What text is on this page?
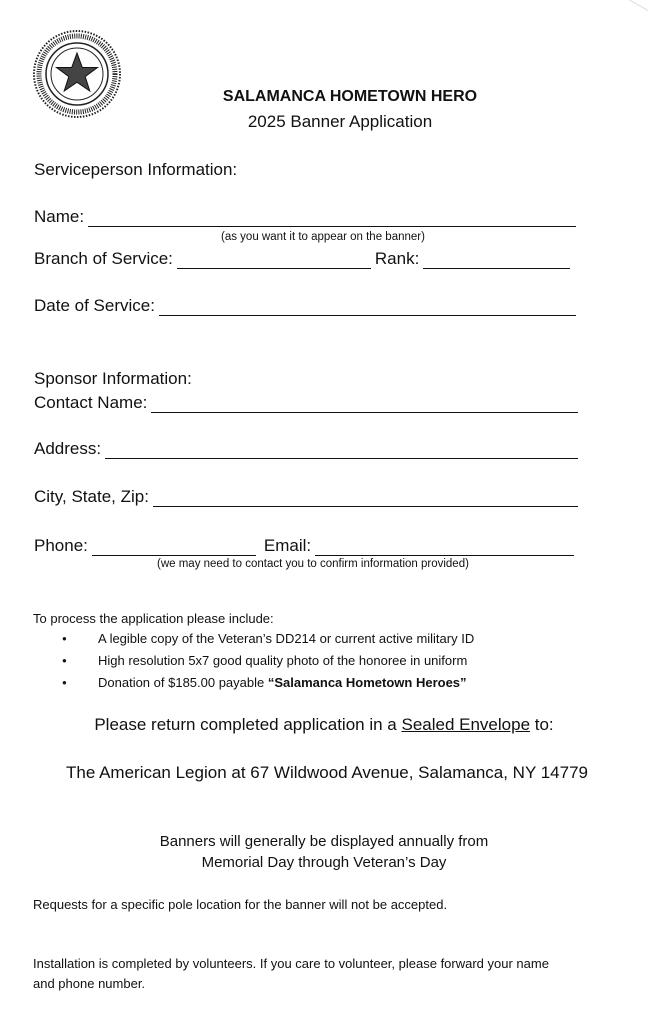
SALAMANCA HOMETOWN HERO
2025 Banner Application
Serviceperson Information:
Name:
(as you want it to appear on the banner)
Branch of Service:	Rank:
Date of Service:
Sponsor Information:
Contact Name:
Address:
City, State, Zip:
Phone:	Email:
(we may need to contact you to confirm information provided)
To process the application please include:
● A legible copy of the Veteran’s DD214 or current active military ID
● High resolution 5x7 good quality photo of the honoree in uniform
● Donation of $185.00 payable “Salamanca Hometown Heroes”
Please return completed application in a Sealed Envelope to:
The American Legion at 67 Wildwood Avenue, Salamanca, NY 14779
Banners will generally be displayed annually from
Memorial Day through Veteran’s Day
Requests for a specific pole location for the banner will not be accepted.
Installation is completed by volunteers. If you care to volunteer, please forward your name
and phone number.
